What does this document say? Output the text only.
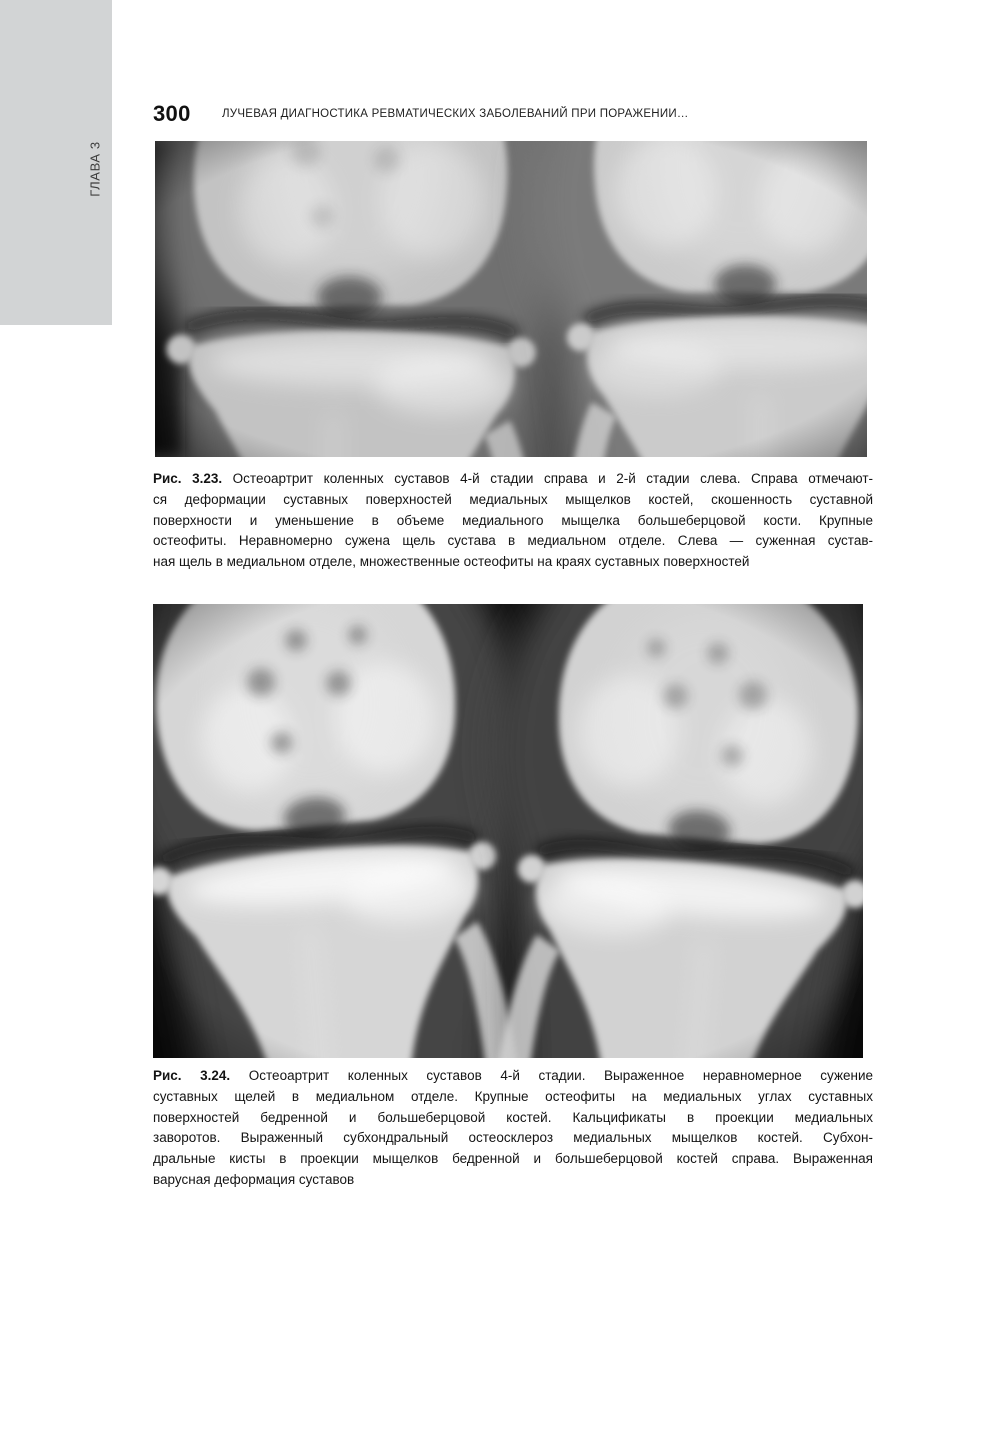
ГЛАВА 3
300	ЛУЧЕВАЯ ДИАГНОСТИКА РЕВМАТИЧЕСКИХ ЗАБОЛЕВАНИЙ ПРИ ПОРАЖЕНИИ…
Рис. 3.23. Остеоартрит коленных суставов 4-й стадии справа и 2-й стадии слева. Справа отмечают-
ся деформации суставных поверхностей медиальных мыщелков костей, скошенность суставной
поверхности и уменьшение в объеме медиального мыщелка большеберцовой кости. Крупные
остеофиты. Неравномерно сужена щель сустава в медиальном отделе. Слева — суженная сустав-
ная щель в медиальном отделе, множественные остеофиты на краях суставных поверхностей
Рис. 3.24. Остеоартрит коленных суставов 4-й стадии. Выраженное неравномерное сужение
суставных щелей в медиальном отделе. Крупные остеофиты на медиальных углах суставных
поверхностей бедренной и большеберцовой костей. Кальцификаты в проекции медиальных
заворотов. Выраженный субхондральный остеосклероз медиальных мыщелков костей. Субхон-
дральные кисты в проекции мыщелков бедренной и большеберцовой костей справа. Выраженная
варусная деформация суставов
